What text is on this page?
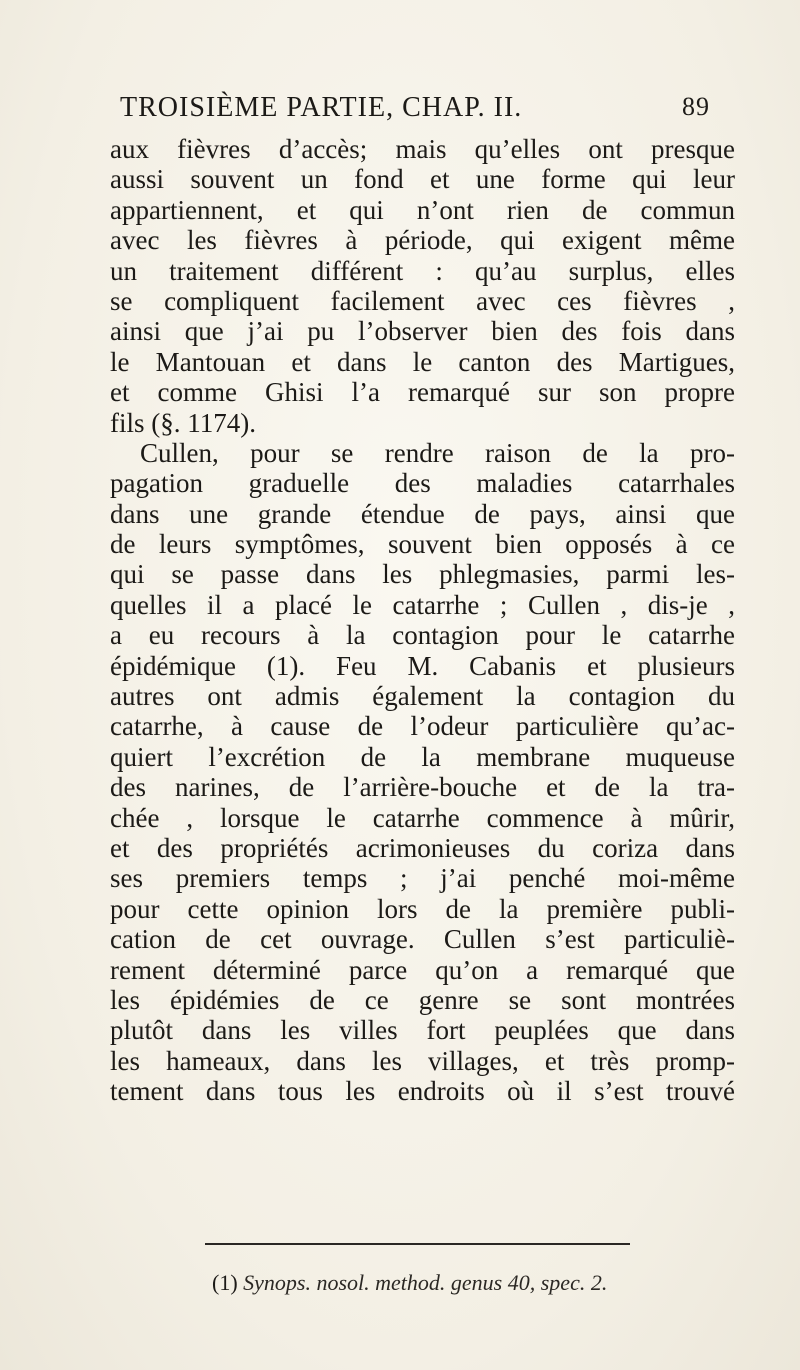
TROISIÈME PARTIE, CHAP. II.	89
aux fièvres d’accès; mais qu’elles ont presque
aussi souvent un fond et une forme qui leur
appartiennent, et qui n’ont rien de commun
avec les fièvres à période, qui exigent même
un traitement différent : qu’au surplus, elles
se compliquent facilement avec ces fièvres ,
ainsi que j’ai pu l’observer bien des fois dans
le Mantouan et dans le canton des Martigues,
et comme Ghisi l’a remarqué sur son propre
fils (§. 1174).
Cullen, pour se rendre raison de la pro-
pagation graduelle des maladies catarrhales
dans une grande étendue de pays, ainsi que
de leurs symptômes, souvent bien opposés à ce
qui se passe dans les phlegmasies, parmi les-
quelles il a placé le catarrhe ; Cullen , dis-je ,
a eu recours à la contagion pour le catarrhe
épidémique (1). Feu M. Cabanis et plusieurs
autres ont admis également la contagion du
catarrhe, à cause de l’odeur particulière qu’ac-
quiert l’excrétion de la membrane muqueuse
des narines, de l’arrière-bouche et de la tra-
chée , lorsque le catarrhe commence à mûrir,
et des propriétés acrimonieuses du coriza dans
ses premiers temps ; j’ai penché moi-même
pour cette opinion lors de la première publi-
cation de cet ouvrage. Cullen s’est particuliè-
rement déterminé parce qu’on a remarqué que
les épidémies de ce genre se sont montrées
plutôt dans les villes fort peuplées que dans
les hameaux, dans les villages, et très promp-
tement dans tous les endroits où il s’est trouvé
(1) Synops. nosol. method. genus 40, spec. 2.
